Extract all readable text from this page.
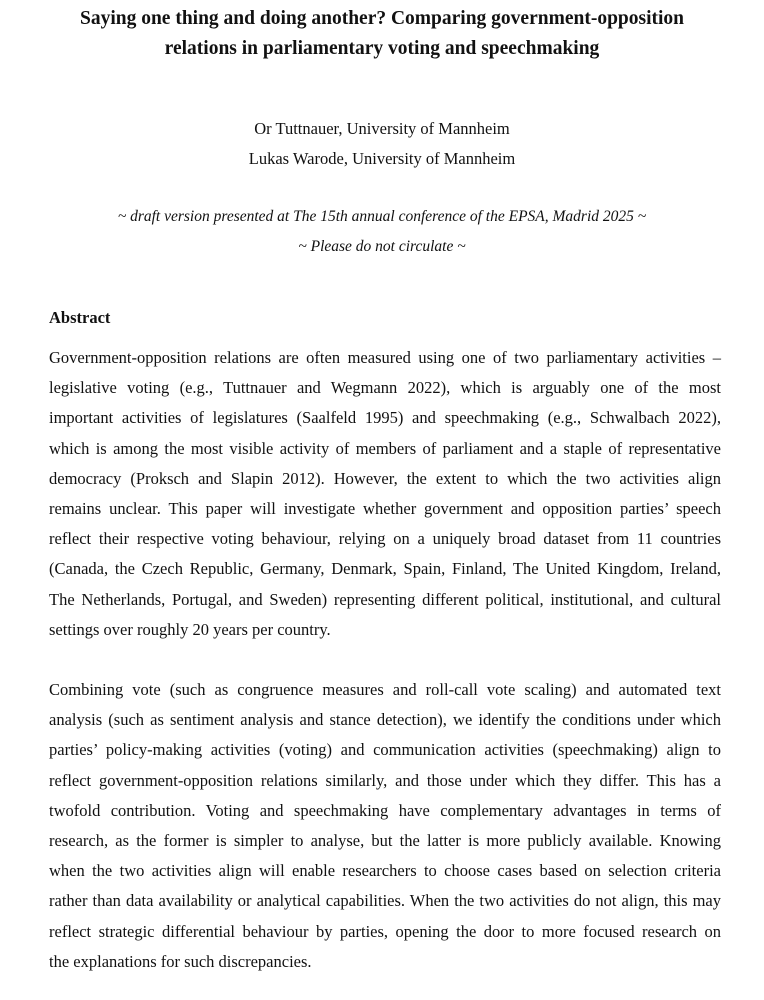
Saying one thing and doing another? Comparing government-opposition
relations in parliamentary voting and speechmaking
Or Tuttnauer, University of Mannheim
Lukas Warode, University of Mannheim
~ draft version presented at The 15th annual conference of the EPSA, Madrid 2025 ~
~ Please do not circulate ~
Abstract

Government-opposition relations are often measured using one of two parliamentary activities –
legislative voting (e.g., Tuttnauer and Wegmann 2022), which is arguably one of the most
important activities of legislatures (Saalfeld 1995) and speechmaking (e.g., Schwalbach 2022),
which is among the most visible activity of members of parliament and a staple of representative
democracy (Proksch and Slapin 2012). However, the extent to which the two activities align
remains unclear. This paper will investigate whether government and opposition parties’ speech
reflect their respective voting behaviour, relying on a uniquely broad dataset from 11 countries
(Canada, the Czech Republic, Germany, Denmark, Spain, Finland, The United Kingdom, Ireland,
The Netherlands, Portugal, and Sweden) representing different political, institutional, and cultural
settings over roughly 20 years per country.

Combining vote (such as congruence measures and roll-call vote scaling) and automated text
analysis (such as sentiment analysis and stance detection), we identify the conditions under which
parties’ policy-making activities (voting) and communication activities (speechmaking) align to
reflect government-opposition relations similarly, and those under which they differ. This has a
twofold contribution. Voting and speechmaking have complementary advantages in terms of
research, as the former is simpler to analyse, but the latter is more publicly available. Knowing
when the two activities align will enable researchers to choose cases based on selection criteria
rather than data availability or analytical capabilities. When the two activities do not align, this may
reflect strategic differential behaviour by parties, opening the door to more focused research on
the explanations for such discrepancies.
